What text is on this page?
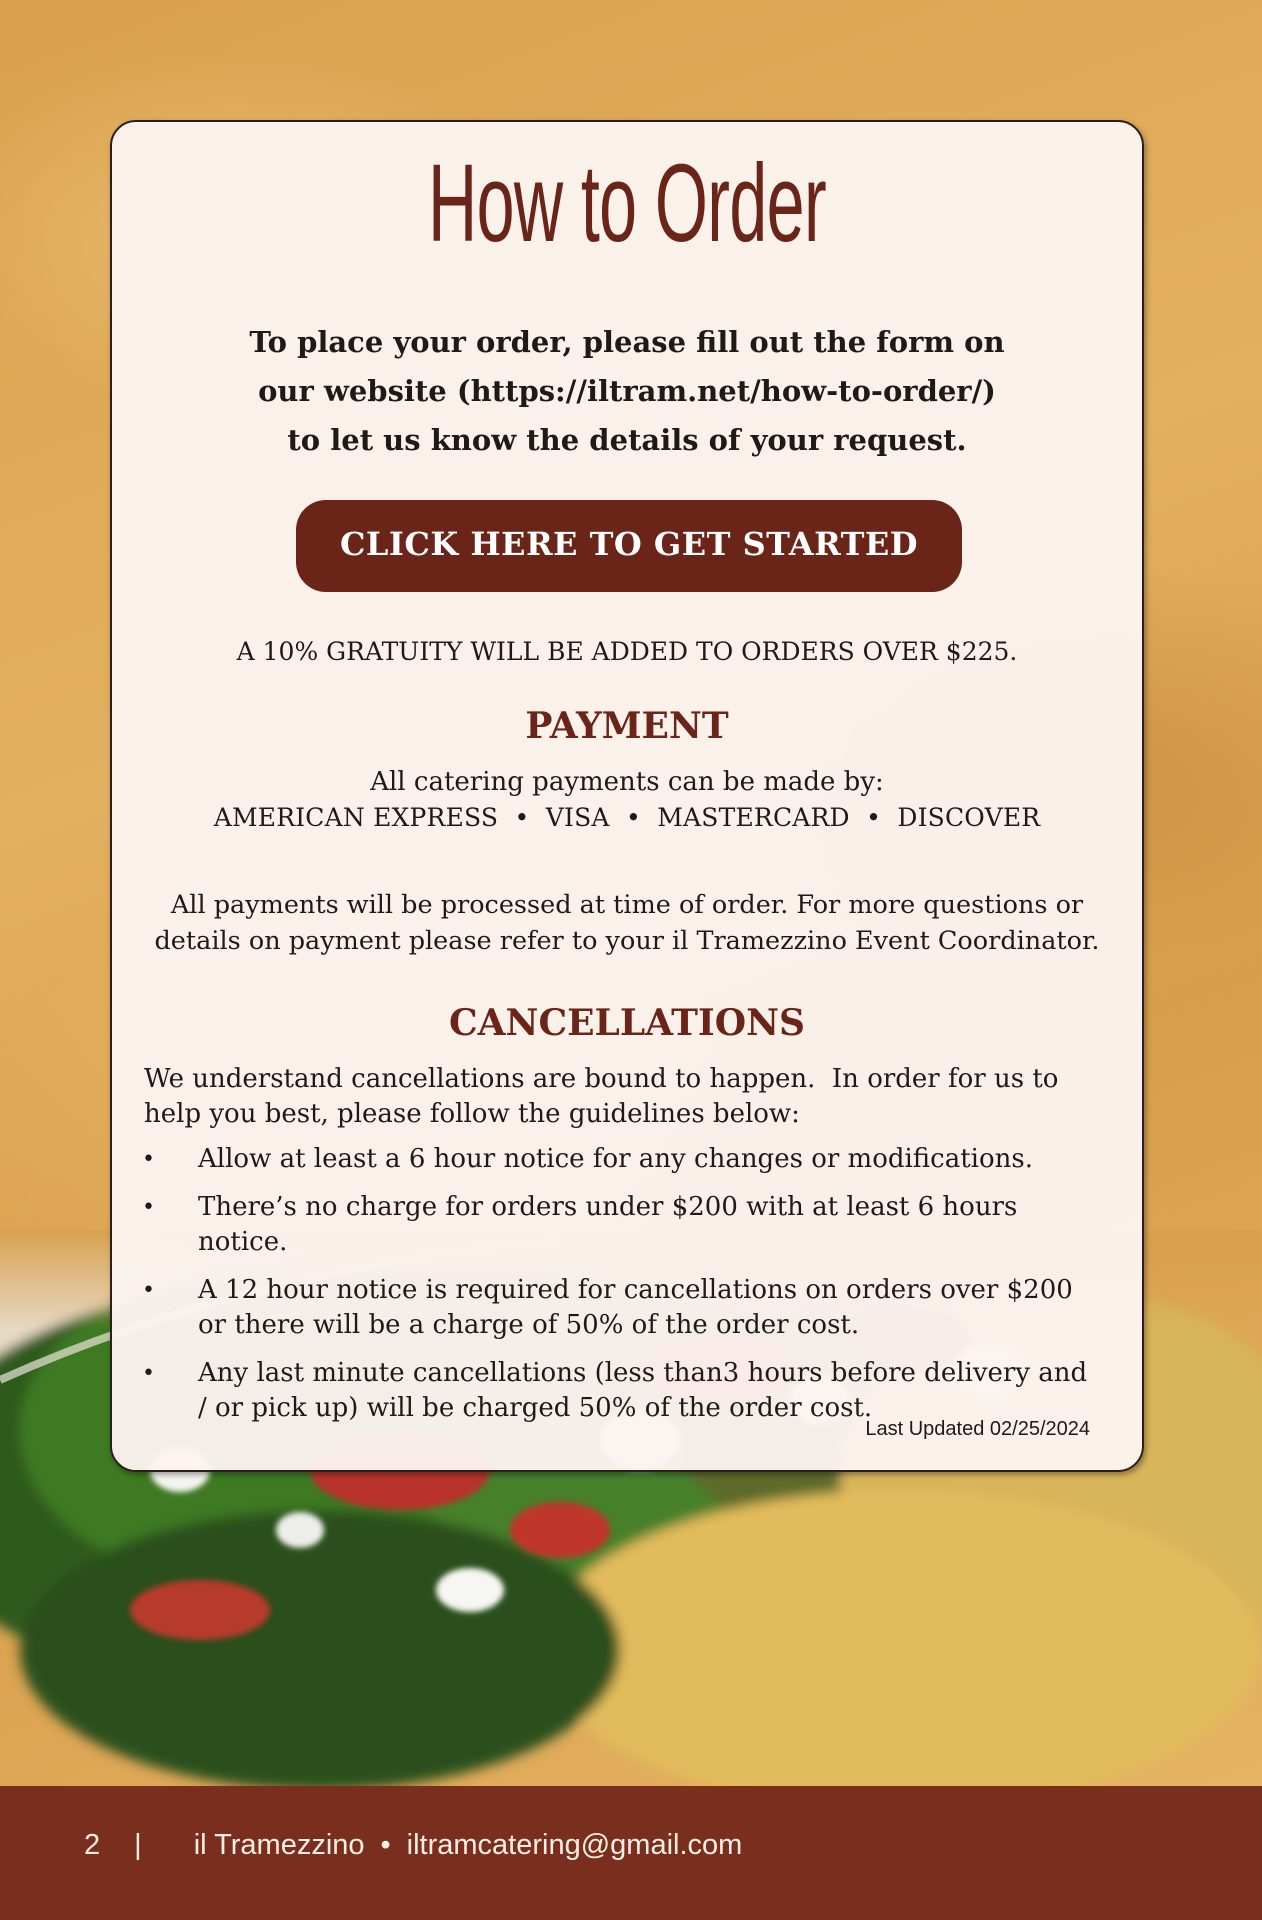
How to Order
To place your order, please fill out the form on
our website (https://iltram.net/how-to-order/)
to let us know the details of your request.
CLICK HERE TO GET STARTED
A 10% GRATUITY WILL BE ADDED TO ORDERS OVER $225.
PAYMENT
All catering payments can be made by:
AMERICAN EXPRESS  •  VISA  •  MASTERCARD  •  DISCOVER
All payments will be processed at time of order. For more questions or
details on payment please refer to your il Tramezzino Event Coordinator.
CANCELLATIONS
We understand cancellations are bound to happen.  In order for us to
help you best, please follow the guidelines below:
• Allow at least a 6 hour notice for any changes or modifications.
• There’s no charge for orders under $200 with at least 6 hours notice.
• A 12 hour notice is required for cancellations on orders over $200 or there will be a charge of 50% of the order cost.
• Any last minute cancellations (less than3 hours before delivery and / or pick up) will be charged 50% of the order cost.
Last Updated 02/25/2024
2 | il Tramezzino • iltramcatering@gmail.com
